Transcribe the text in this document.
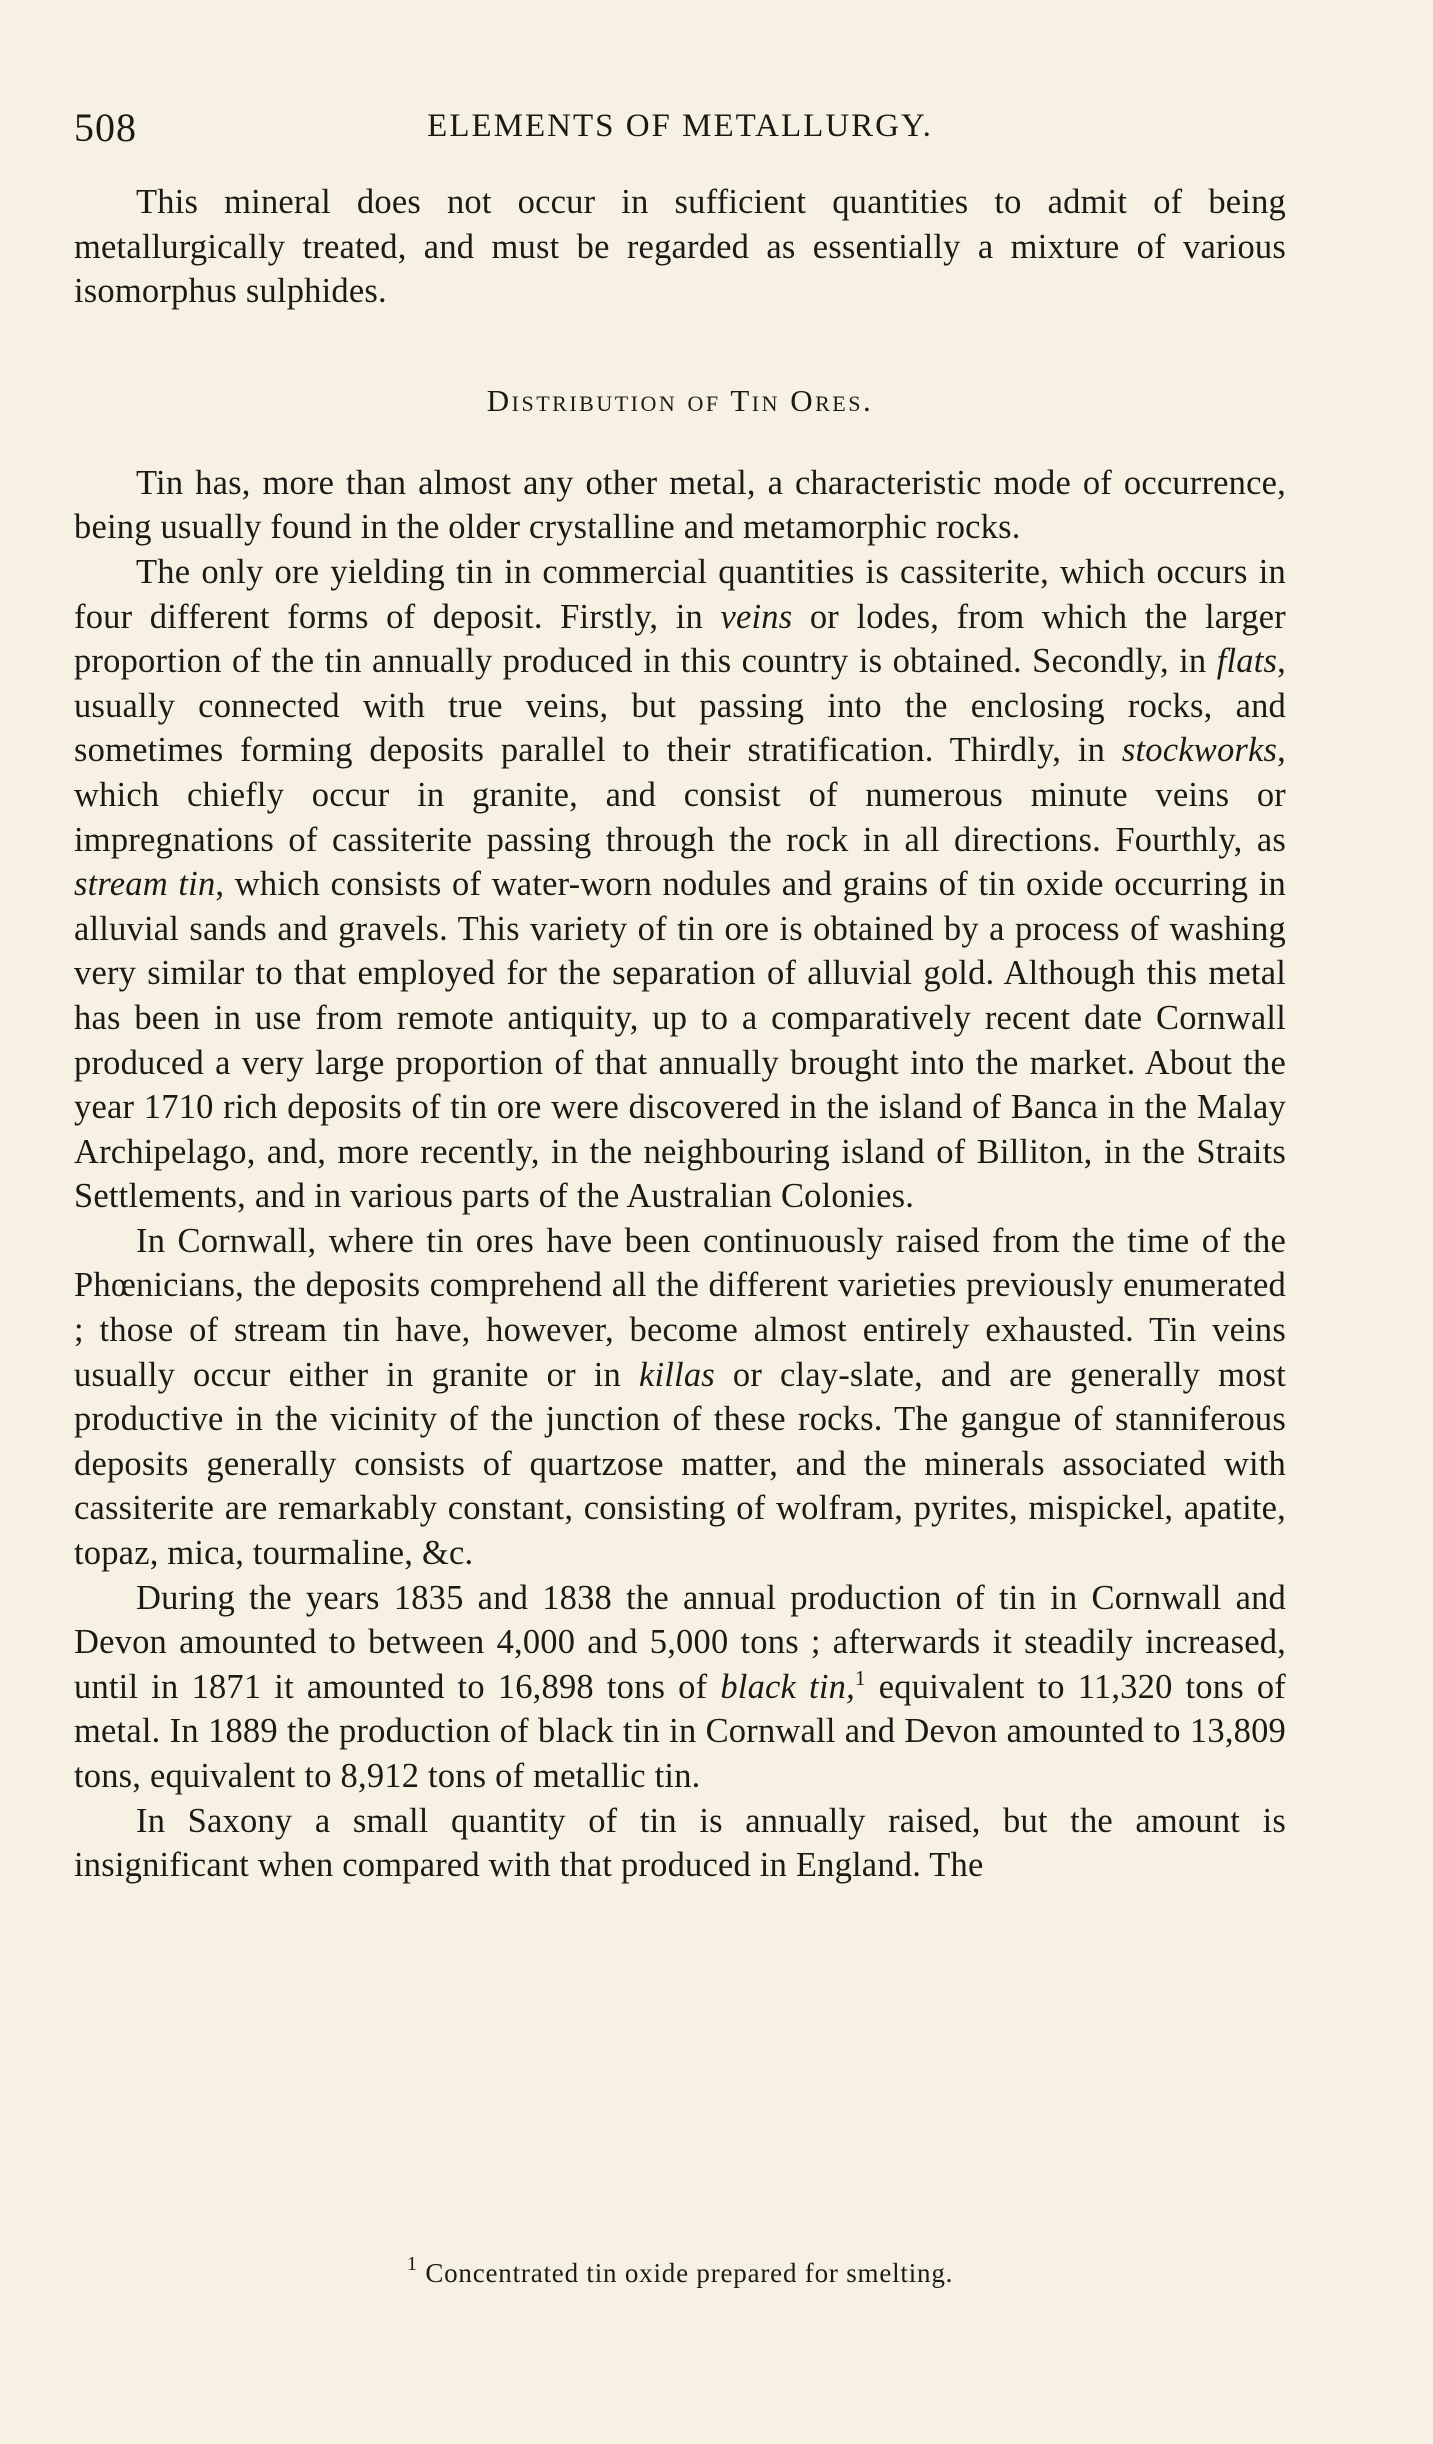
508	ELEMENTS OF METALLURGY.

This mineral does not occur in sufficient quantities to admit of being metallurgically treated, and must be regarded as essentially a mixture of various isomorphus sulphides.

Distribution of Tin Ores.

Tin has, more than almost any other metal, a characteristic mode of occurrence, being usually found in the older crystalline and metamorphic rocks.

The only ore yielding tin in commercial quantities is cassiterite, which occurs in four different forms of deposit. Firstly, in veins or lodes, from which the larger proportion of the tin annually produced in this country is obtained. Secondly, in flats, usually connected with true veins, but passing into the enclosing rocks, and sometimes forming deposits parallel to their stratification. Thirdly, in stockworks, which chiefly occur in granite, and consist of numerous minute veins or impregnations of cassiterite passing through the rock in all directions. Fourthly, as stream tin, which consists of water-worn nodules and grains of tin oxide occurring in alluvial sands and gravels. This variety of tin ore is obtained by a process of washing very similar to that employed for the separation of alluvial gold. Although this metal has been in use from remote antiquity, up to a comparatively recent date Cornwall produced a very large proportion of that annually brought into the market. About the year 1710 rich deposits of tin ore were discovered in the island of Banca in the Malay Archipelago, and, more recently, in the neighbouring island of Billiton, in the Straits Settlements, and in various parts of the Australian Colonies.

In Cornwall, where tin ores have been continuously raised from the time of the Phœnicians, the deposits comprehend all the different varieties previously enumerated ; those of stream tin have, however, become almost entirely exhausted. Tin veins usually occur either in granite or in killas or clay-slate, and are generally most productive in the vicinity of the junction of these rocks. The gangue of stanniferous deposits generally consists of quartzose matter, and the minerals associated with cassiterite are remarkably constant, consisting of wolfram, pyrites, mispickel, apatite, topaz, mica, tourmaline, &c.

During the years 1835 and 1838 the annual production of tin in Cornwall and Devon amounted to between 4,000 and 5,000 tons ; afterwards it steadily increased, until in 1871 it amounted to 16,898 tons of black tin,$^1$ equivalent to 11,320 tons of metal. In 1889 the production of black tin in Cornwall and Devon amounted to 13,809 tons, equivalent to 8,912 tons of metallic tin.

In Saxony a small quantity of tin is annually raised, but the amount is insignificant when compared with that produced in England. The

$^1$ Concentrated tin oxide prepared for smelting.
